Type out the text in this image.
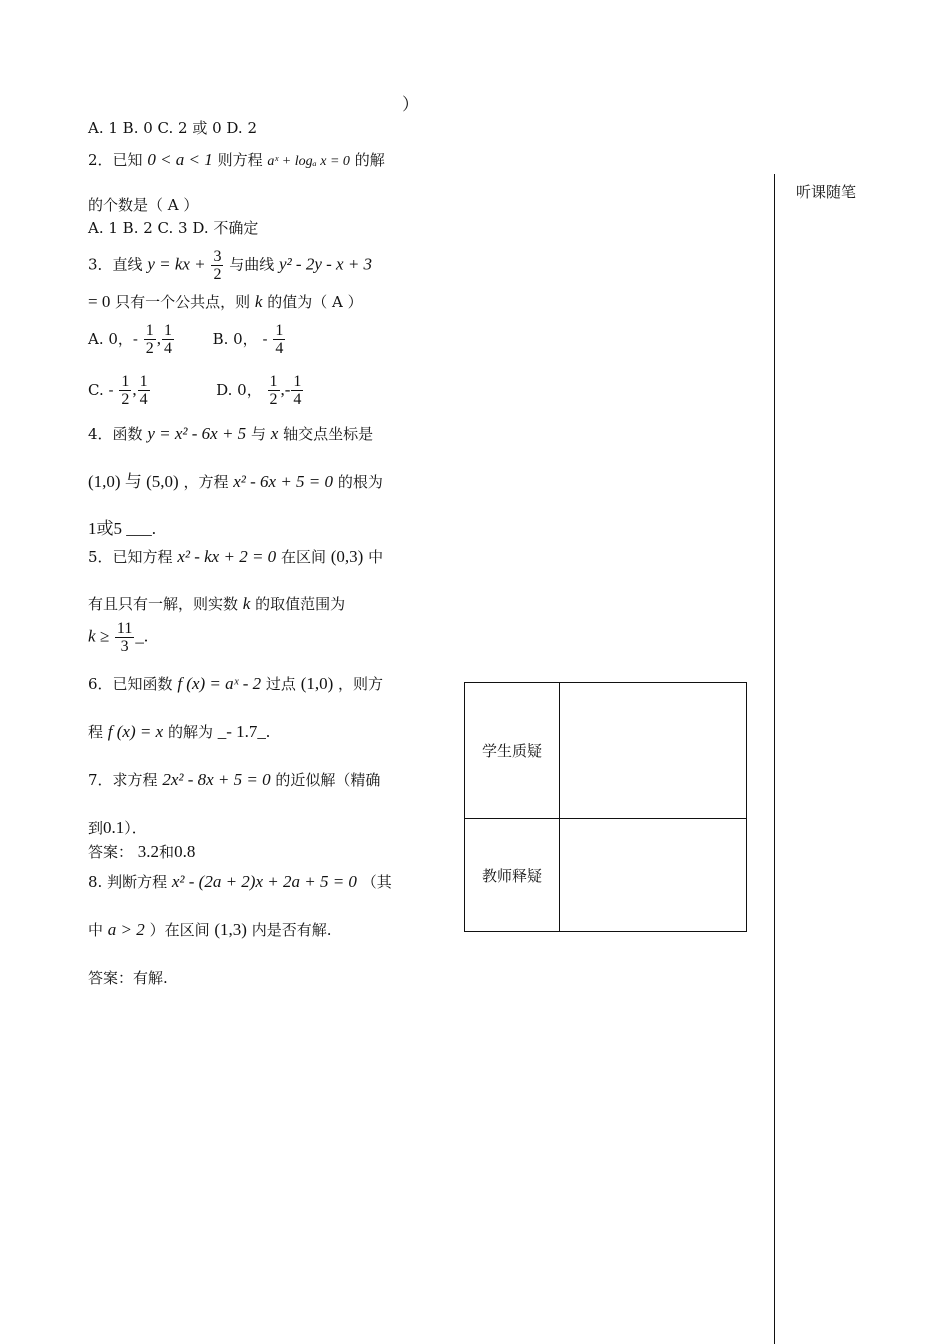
）
A. 1 B. 0 C. 2 或 0 D. 2
2．已知 0 < a < 1 则方程 aˣ + logₐ x = 0 的解
的个数是（ A ）
A. 1 B. 2 C. 3 D. 不确定
3．直线 y = kx + $\frac{3}{2}$ 与曲线 y² - 2y - x + 3
= 0 只有一个公共点，则 k 的值为（ A ）
A. 0，- $\frac{1}{2}$ , $\frac{1}{4}$	B. 0， - $\frac{1}{4}$
C. - $\frac{1}{2}$ , $\frac{1}{4}$	D. 0， $\frac{1}{2}$ ,- $\frac{1}{4}$
4．函数 y = x² - 6x + 5 与 x 轴交点坐标是
(1,0) 与 (5,0) ，方程 x² - 6x + 5 = 0 的根为
1或5 ___.
5．已知方程 x² - kx + 2 = 0 在区间 (0,3) 中
有且只有一解，则实数 k 的取值范围为
$k \ge \frac{11}{3}$ _.
6．已知函数 f (x) = aˣ - 2 过点 (1,0) ，则方
程 f (x) = x 的解为 _- 1.7_.
7．求方程 2x² - 8x + 5 = 0 的近似解（精确
到0.1）．
答案： 3.2和0.8
8. 判断方程 x² - (2a + 2)x + 2a + 5 = 0 （其
中 a > 2 ）在区间 (1,3) 内是否有解.
答案：有解.
听课随笔
学生质疑	
教师释疑	
